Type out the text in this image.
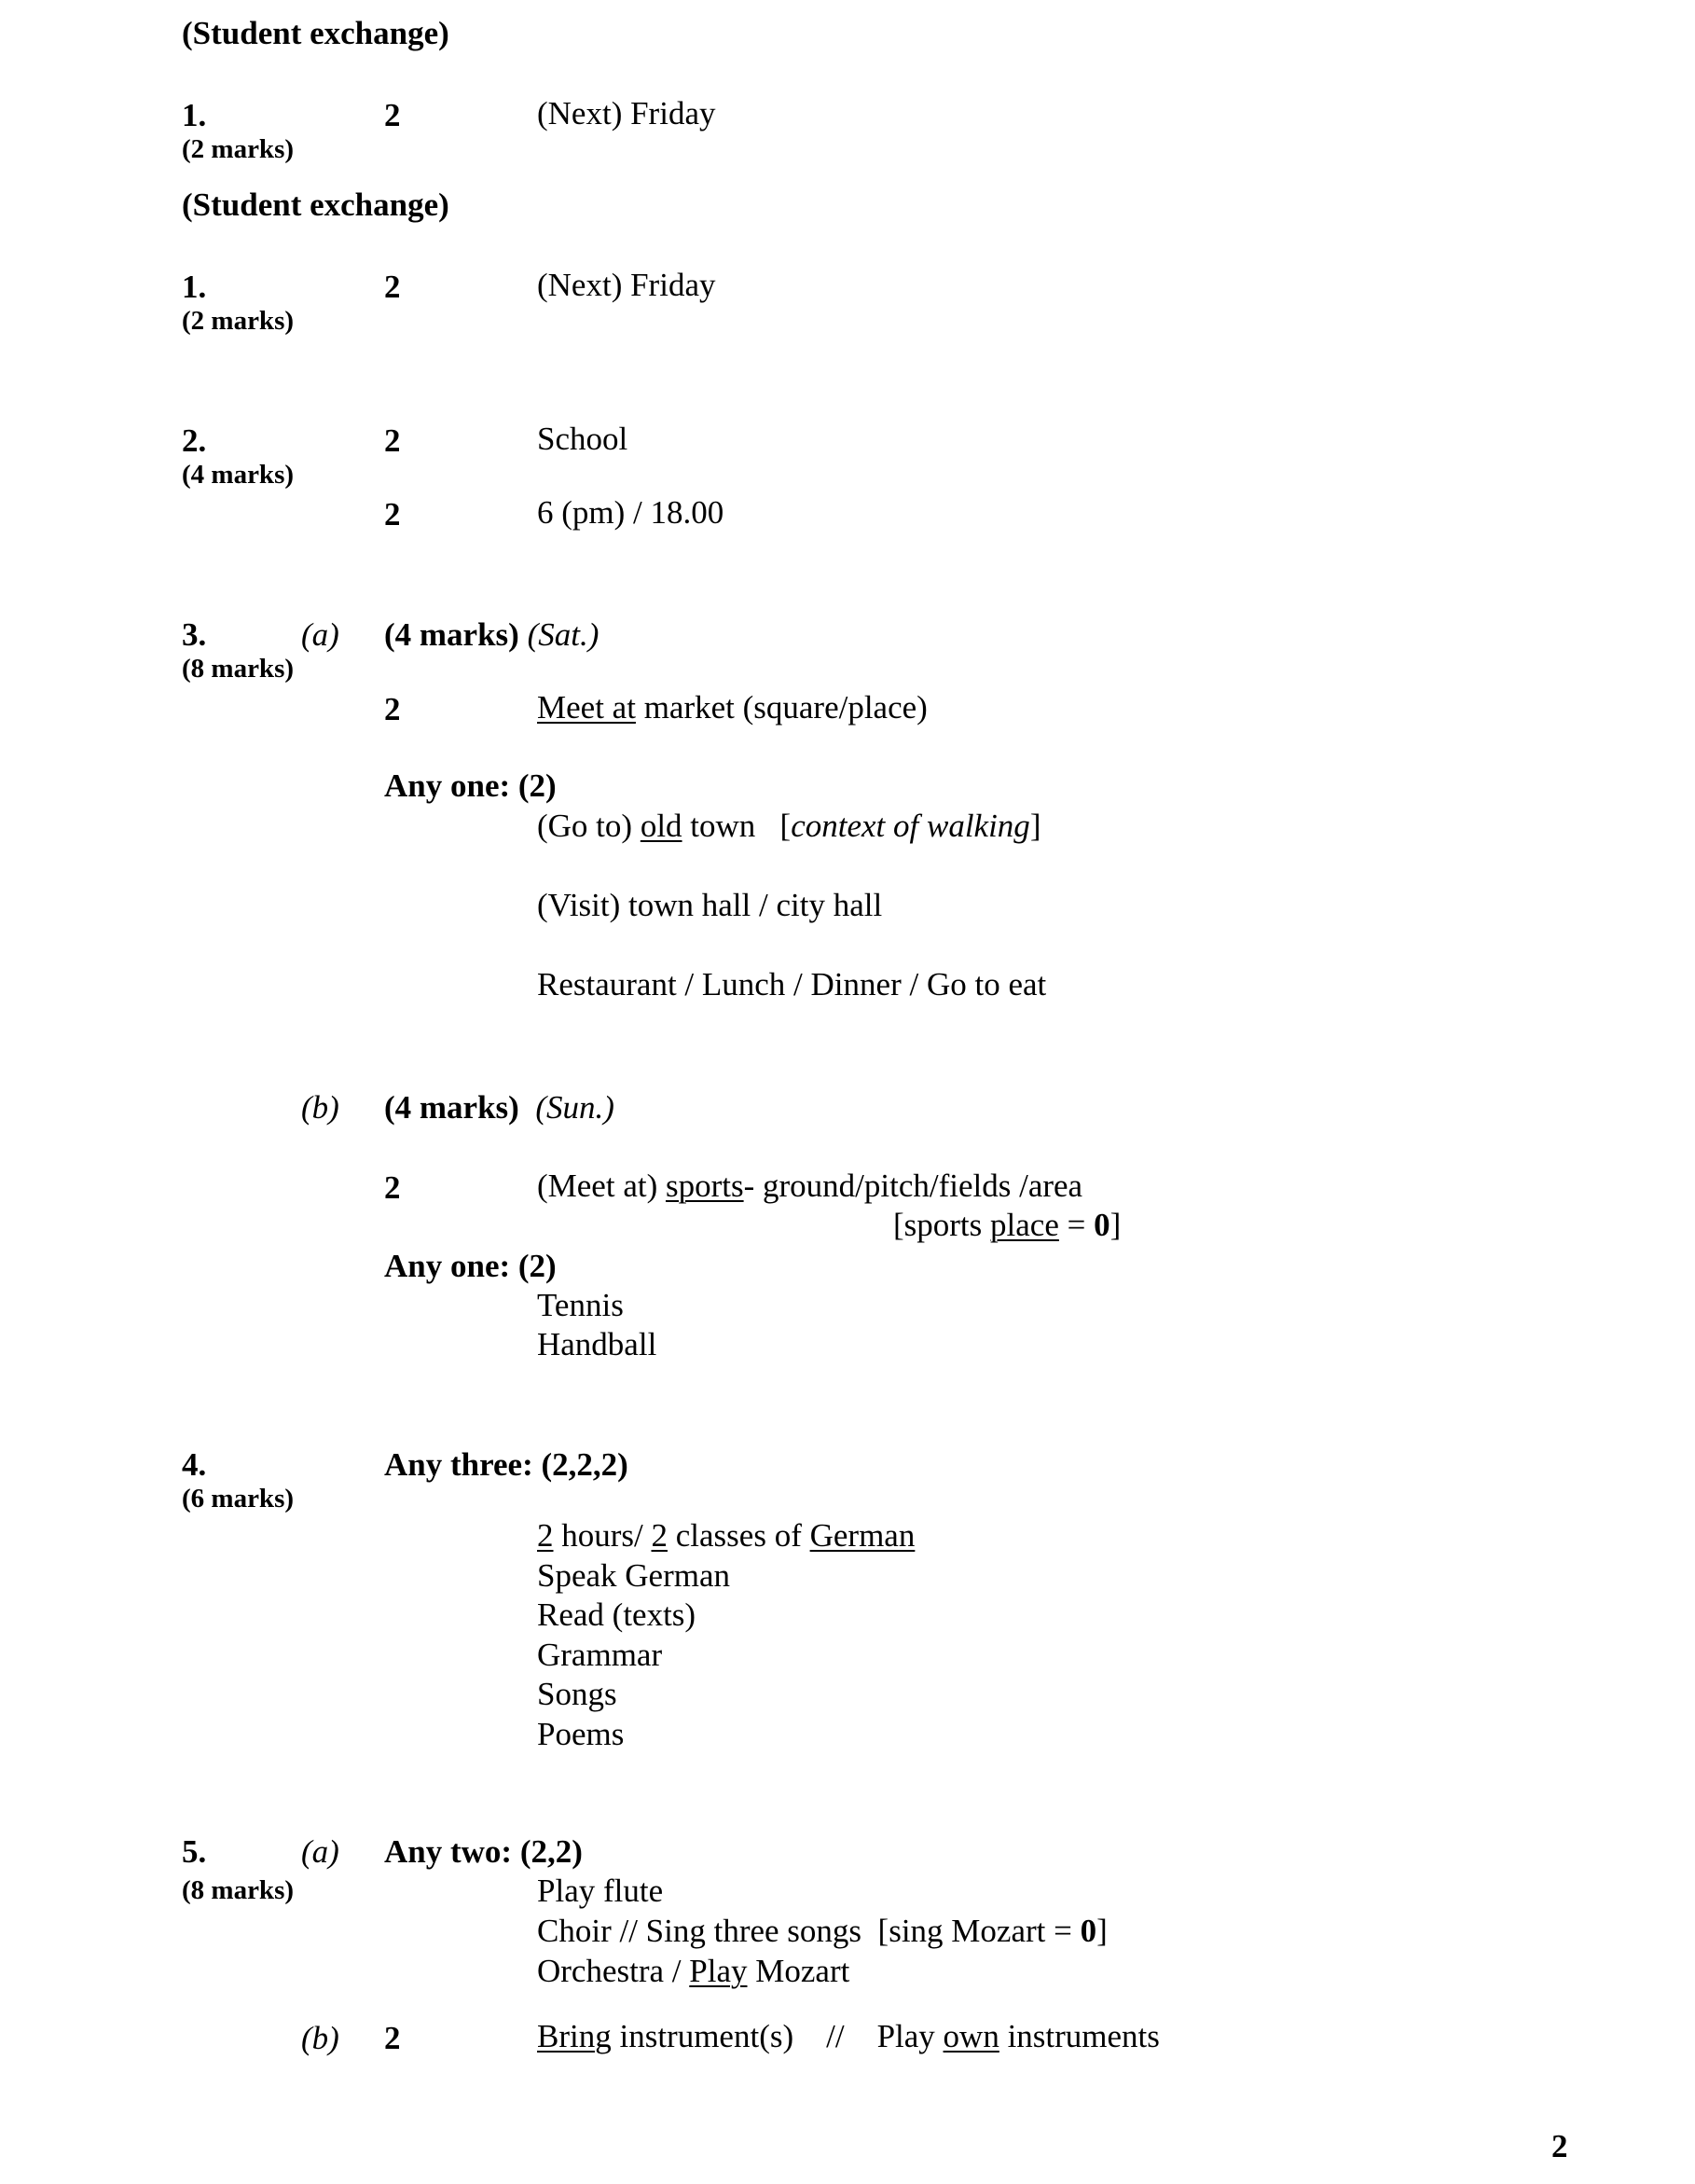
(Student exchange)
1.
(2 marks)
2	(Next) Friday
(Student exchange)
1.
(2 marks)
2	(Next) Friday
2.
(4 marks)
2	School
2	6 (pm) / 18.00
3.
(8 marks)
(a) (4 marks) (Sat.)
2	Meet at market (square/place)
Any one: (2)
(Go to) old town   [context of walking]
(Visit) town hall / city hall
Restaurant / Lunch / Dinner / Go to eat
(b) (4 marks) (Sun.)
2	(Meet at) sports- ground/pitch/fields /area
[sports place = 0]
Any one: (2)
Tennis
Handball
4.
(6 marks)
Any three: (2,2,2)
2 hours/ 2 classes of German
Speak German
Read (texts)
Grammar
Songs
Poems
5.
(8 marks)
(a) Any two: (2,2)
Play flute
Choir // Sing three songs  [sing Mozart = 0]
Orchestra / Play Mozart
(b) 2	Bring instrument(s)    //    Play own instruments
2
